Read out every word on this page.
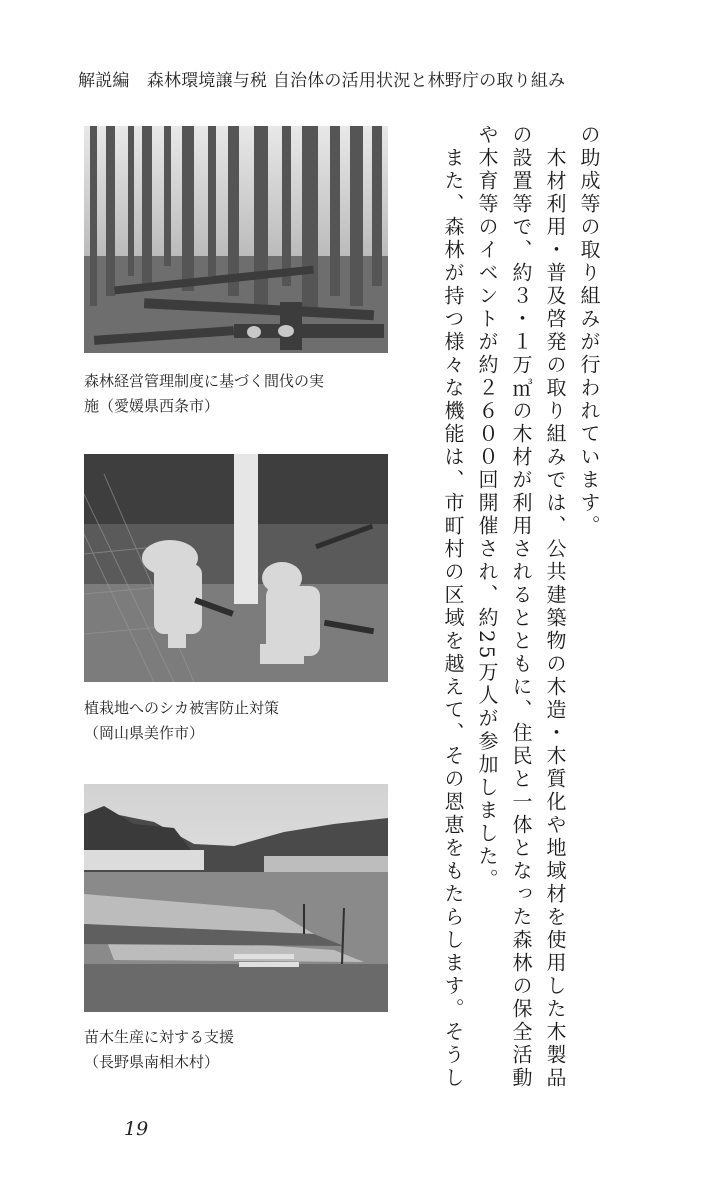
解説編　 森林環境譲与税 自治体の活用状況と林野庁の取り組み
森林経営管理制度に基づく間伐の実
施（愛媛県西条市）
植栽地へのシカ被害防止対策
（岡山県美作市）
苗木生産に対する支援
（長野県南相木村）
の助成等の取り組みが行われています。
　木材利用・普及啓発の取り組みでは、公共建築物の木造・木質化や地域材を使用した木製品
の設置等で、約３・１万㎥の木材が利用されるとともに、住民と一体となった森林の保全活動
や木育等のイベントが約２６００回開催され、約25万人が参加しました。
　また、森林が持つ様々な機能は、市町村の区域を越えて、その恩恵をもたらします。そうし
19
